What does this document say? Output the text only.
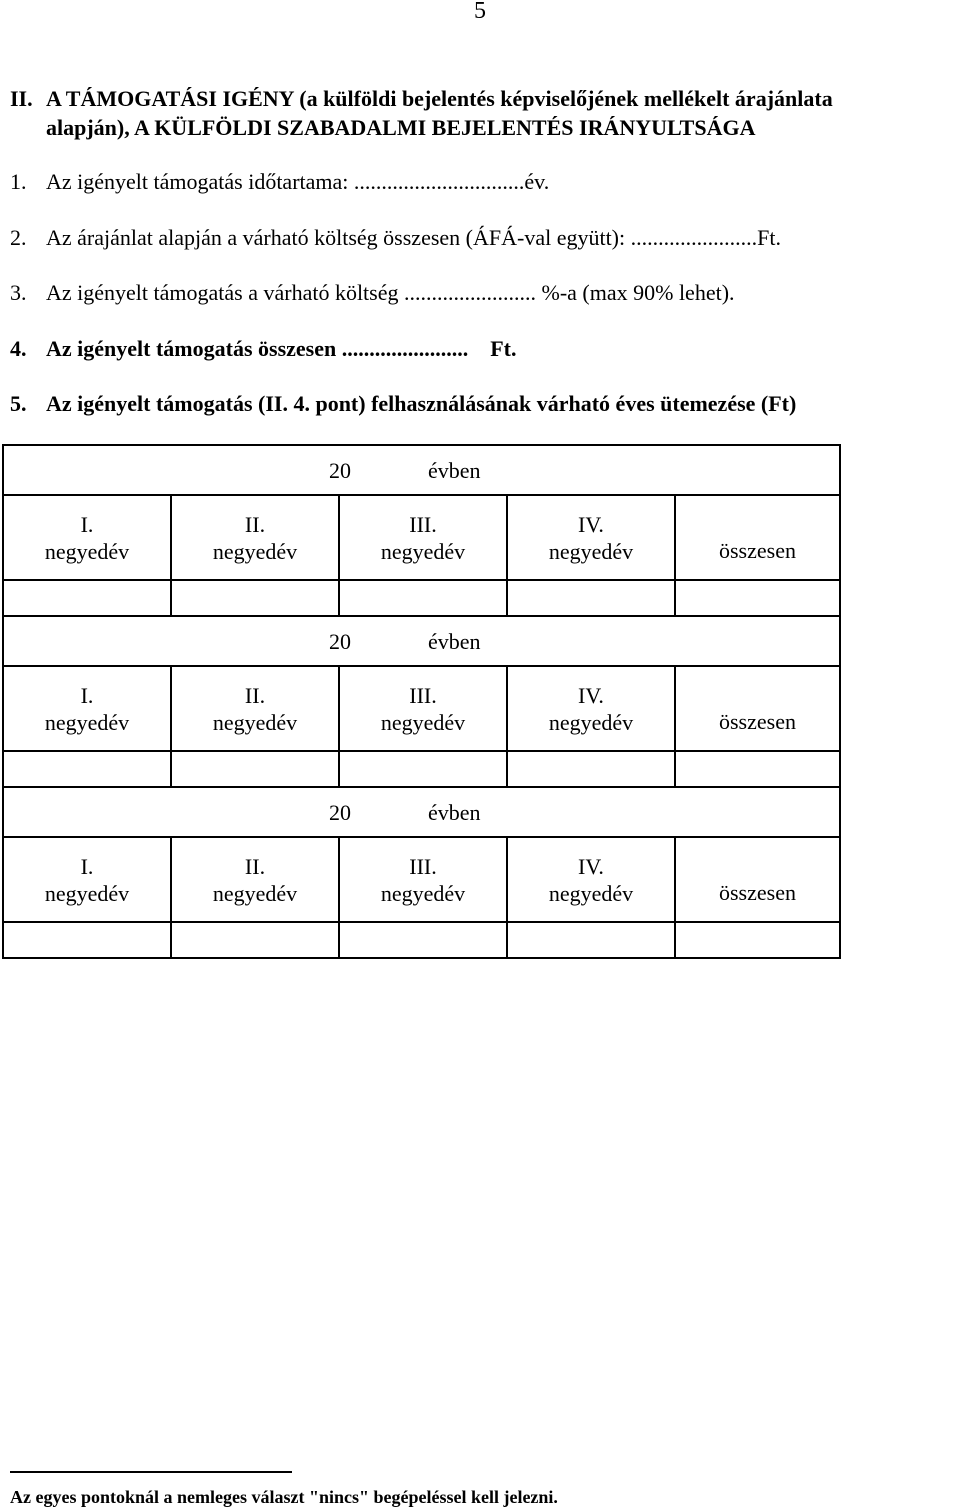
5
II. A TÁMOGATÁSI IGÉNY (a külföldi bejelentés képviselőjének mellékelt árajánlata
alapján), A KÜLFÖLDI SZABADALMI BEJELENTÉS IRÁNYULTSÁGA
1. Az igényelt támogatás időtartama: ...............................év.
2. Az árajánlat alapján a várható költség összesen (ÁFÁ-val együtt): .......................Ft.
3. Az igényelt támogatás a várható költség ........................ %-a (max 90% lehet).
4. Az igényelt támogatás összesen ....................... Ft.
5. Az igényelt támogatás (II. 4. pont) felhasználásának várható éves ütemezése (Ft)
20 évben				
I.
negyedév	II.
negyedév	III.
negyedév	IV.
negyedév	összesen

20 évben				
I.
negyedév	II.
negyedév	III.
negyedév	IV.
negyedév	összesen

20 évben				
I.
negyedév	II.
negyedév	III.
negyedév	IV.
negyedév	összesen

Az egyes pontoknál a nemleges választ "nincs" begépeléssel kell jelezni.
